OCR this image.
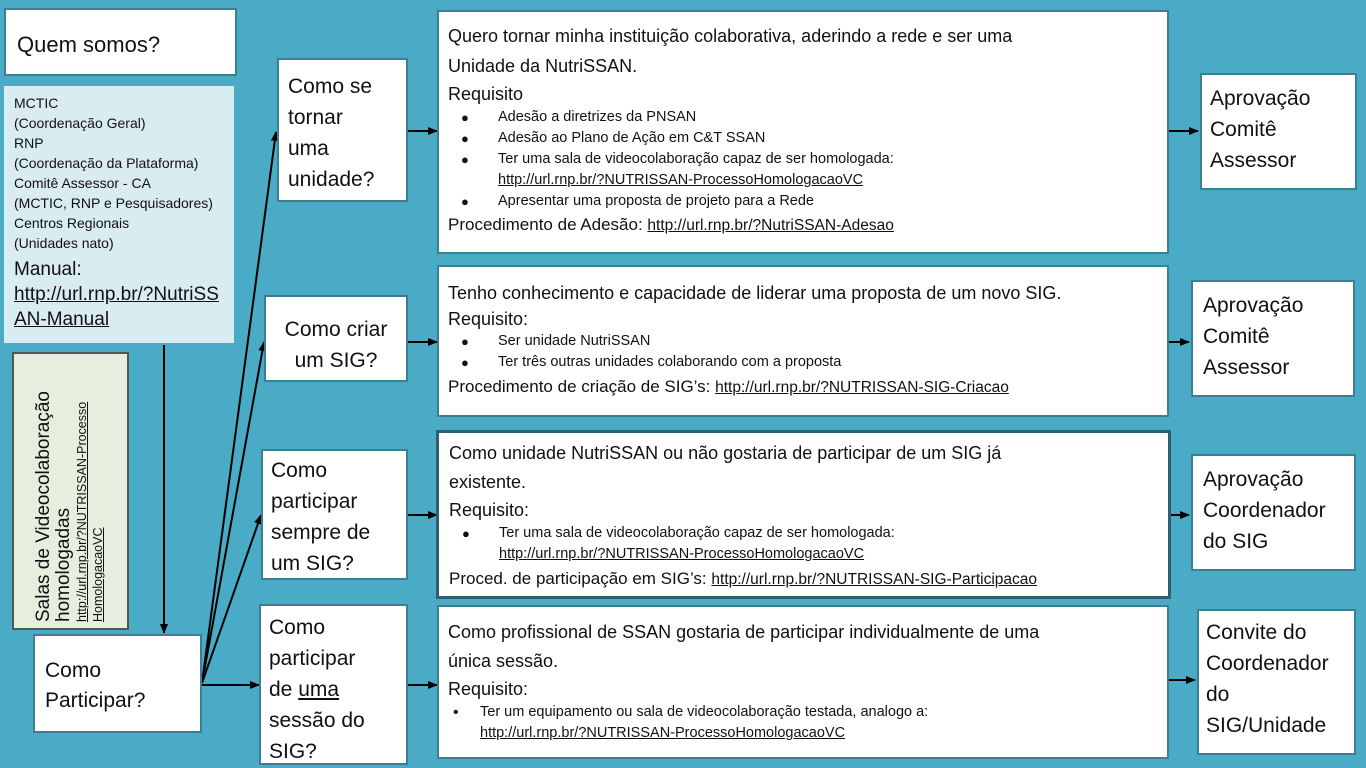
Quem somos?
MCTIC
(Coordenação Geral)
RNP
(Coordenação da Plataforma)
Comitê Assessor - CA
(MCTIC, RNP e Pesquisadores)
Centros Regionais
(Unidades nato)
Manual:
http://url.rnp.br/?NutriSS
AN-Manual
Salas de Videocolaboração homologadas http://url.rnp.br/?NUTRISSAN-Processo HomologacaoVC
Como
Participar?
Como se
tornar
uma
unidade?
Como criar
um SIG?
Como
participar
sempre de
um SIG?
Como
participar
de uma
sessão do
SIG?
Quero tornar minha instituição colaborativa, aderindo a rede e ser uma
Unidade da NutriSSAN.
Requisito
● Adesão a diretrizes da PNSAN
● Adesão ao Plano de Ação em C&T SSAN
● Ter uma sala de videocolaboração capaz de ser homologada:
http://url.rnp.br/?NUTRISSAN-ProcessoHomologacaoVC
● Apresentar uma proposta de projeto para a Rede
Procedimento de Adesão: http://url.rnp.br/?NutriSSAN-Adesao
Tenho conhecimento e capacidade de liderar uma proposta de um novo SIG.
Requisito:
● Ser unidade NutriSSAN
● Ter três outras unidades colaborando com a proposta
Procedimento de criação de SIG’s: http://url.rnp.br/?NUTRISSAN-SIG-Criacao
Como unidade NutriSSAN ou não gostaria de participar de um SIG já
existente.
Requisito:
● Ter uma sala de videocolaboração capaz de ser homologada:
http://url.rnp.br/?NUTRISSAN-ProcessoHomologacaoVC
Proced. de participação em SIG’s: http://url.rnp.br/?NUTRISSAN-SIG-Participacao
Como profissional de SSAN gostaria de participar individualmente de uma
única sessão.
Requisito:
• Ter um equipamento ou sala de videocolaboração testada, analogo a:
http://url.rnp.br/?NUTRISSAN-ProcessoHomologacaoVC
Aprovação
Comitê
Assessor
Aprovação
Comitê
Assessor
Aprovação
Coordenador
do SIG
Convite do
Coordenador
do
SIG/Unidade
